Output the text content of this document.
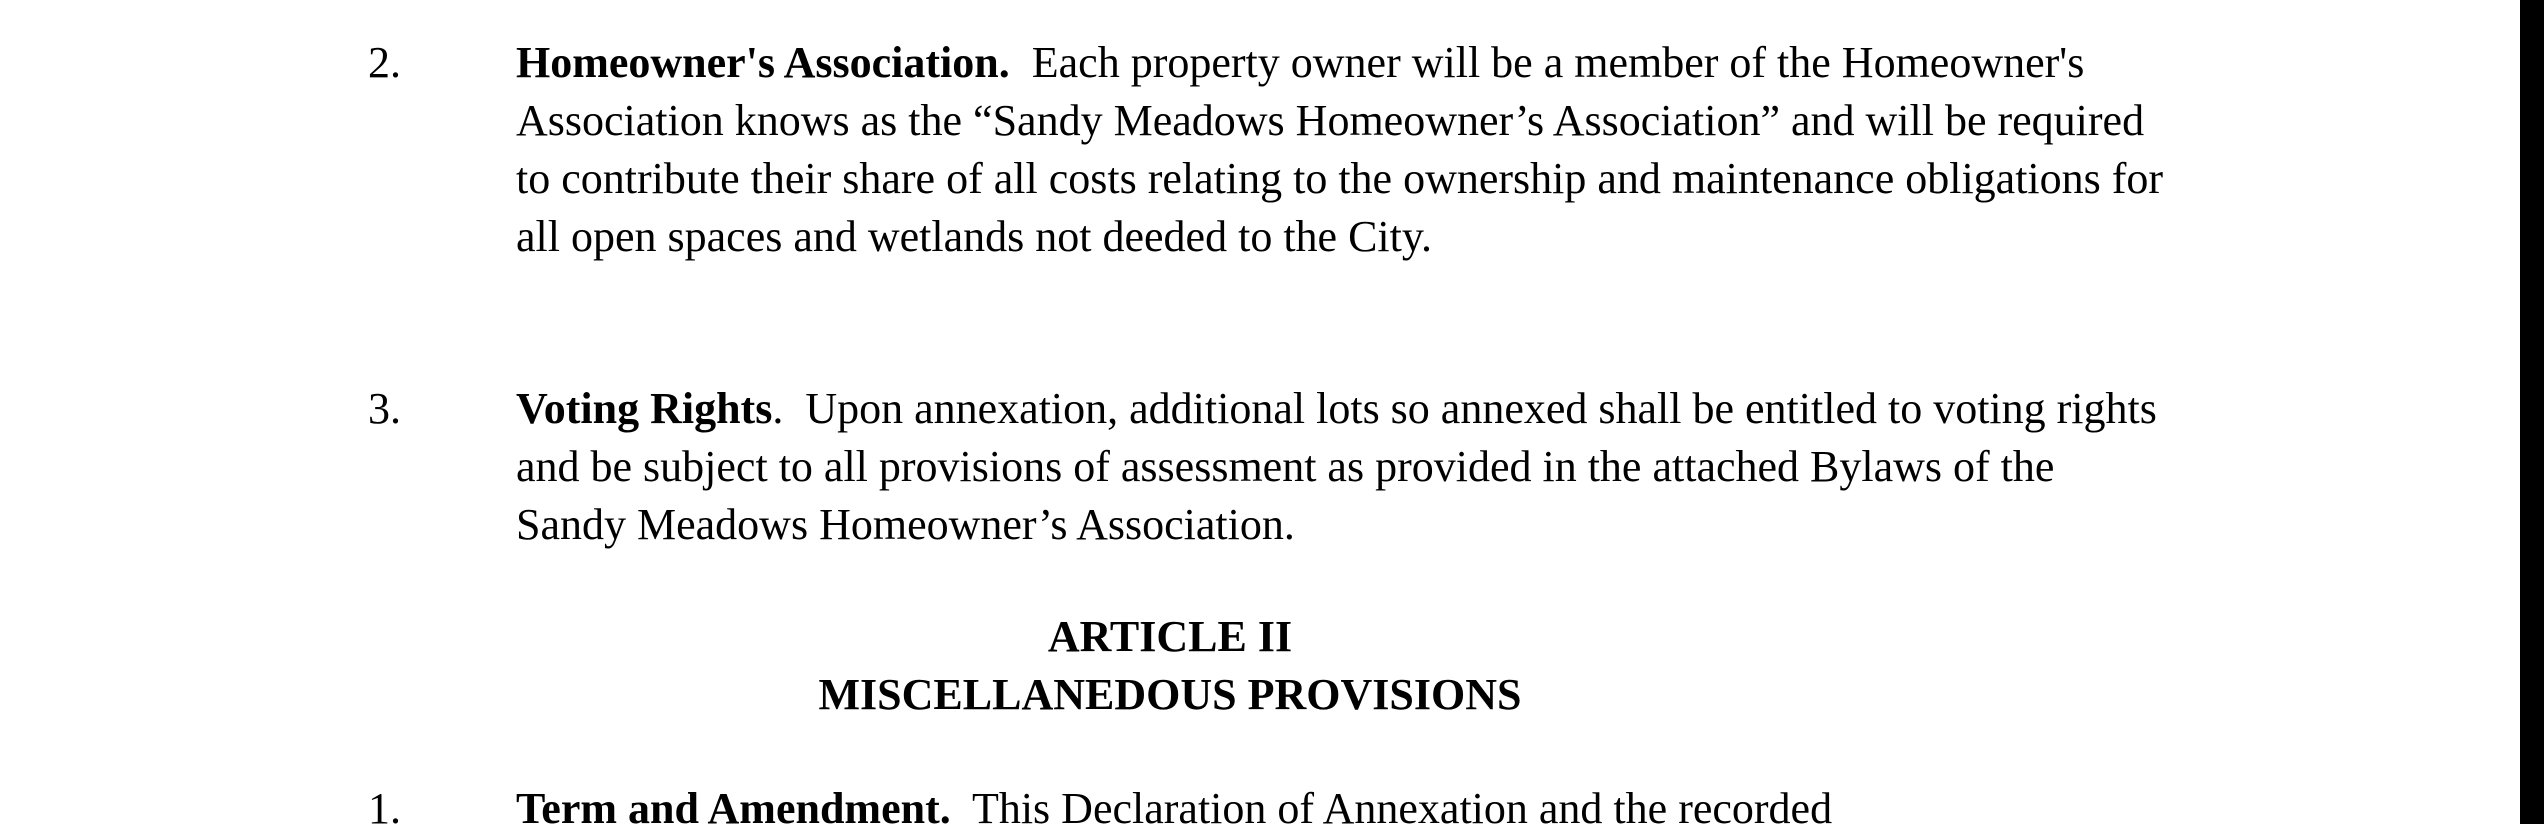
2.	Homeowner's Association.  Each property owner will be a member of the Homeowner's Association knows as the “Sandy Meadows Homeowner’s Association” and will be required to contribute their share of all costs relating to the ownership and maintenance obligations for all open spaces and wetlands not deeded to the City.
3.	Voting Rights.  Upon annexation, additional lots so annexed shall be entitled to voting rights and be subject to all provisions of assessment as provided in the attached Bylaws of the Sandy Meadows Homeowner’s Association.
ARTICLE II
MISCELLANEDOUS PROVISIONS
1.	Term and Amendment.  This Declaration of Annexation and the recorded
